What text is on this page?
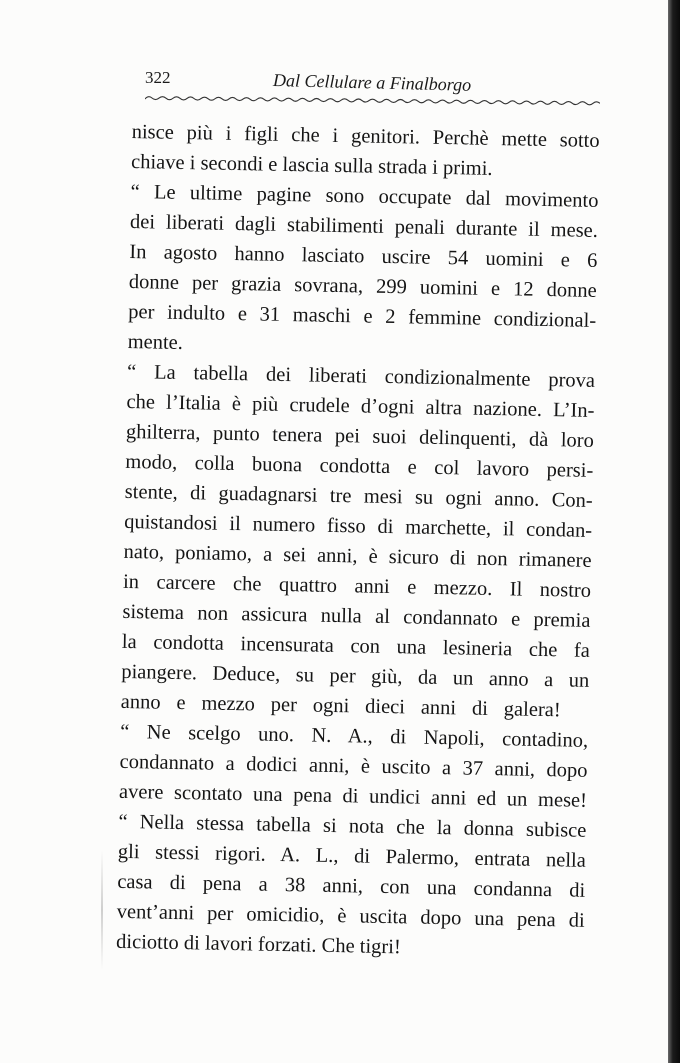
322	Dal Cellulare a Finalborgo
nisce più i figli che i genitori. Perchè mette sotto
chiave i secondi e lascia sulla strada i primi.
“ Le ultime pagine sono occupate dal movimento
dei liberati dagli stabilimenti penali durante il mese.
In agosto hanno lasciato uscire 54 uomini e 6
donne per grazia sovrana, 299 uomini e 12 donne
per indulto e 31 maschi e 2 femmine condizional-
mente.
“ La tabella dei liberati condizionalmente prova
che l’Italia è più crudele d’ogni altra nazione. L’In-
ghilterra, punto tenera pei suoi delinquenti, dà loro
modo, colla buona condotta e col lavoro persi-
stente, di guadagnarsi tre mesi su ogni anno. Con-
quistandosi il numero fisso di marchette, il condan-
nato, poniamo, a sei anni, è sicuro di non rimanere
in carcere che quattro anni e mezzo. Il nostro
sistema non assicura nulla al condannato e premia
la condotta incensurata con una lesineria che fa
piangere. Deduce, su per giù, da un anno a un
anno e mezzo per ogni dieci anni di galera!
“ Ne scelgo uno. N. A., di Napoli, contadino,
condannato a dodici anni, è uscito a 37 anni, dopo
avere scontato una pena di undici anni ed un mese!
“ Nella stessa tabella si nota che la donna subisce
gli stessi rigori. A. L., di Palermo, entrata nella
casa di pena a 38 anni, con una condanna di
vent’anni per omicidio, è uscita dopo una pena di
diciotto di lavori forzati. Che tigri!
